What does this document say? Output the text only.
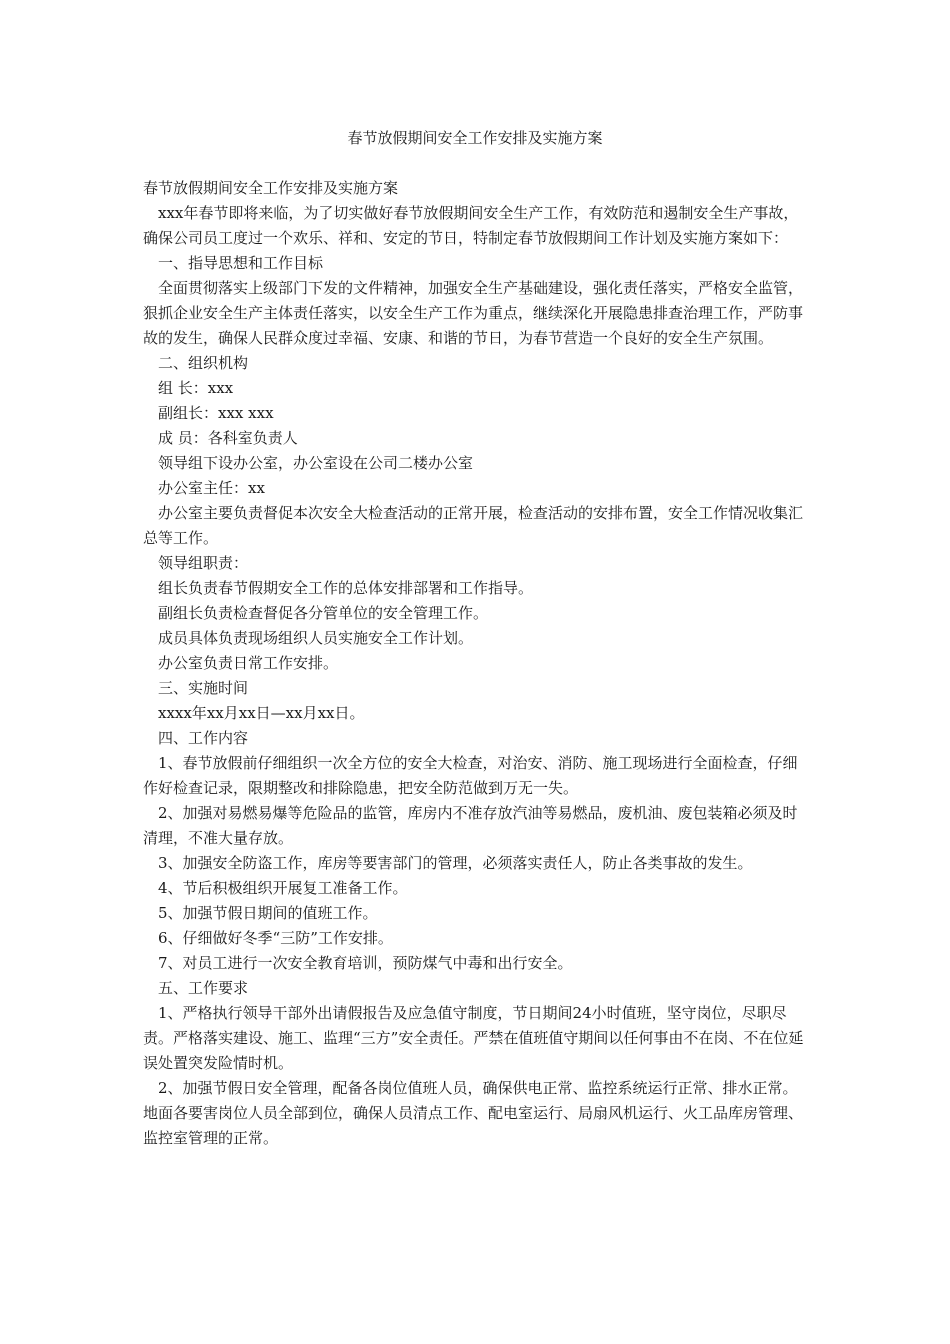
春节放假期间安全工作安排及实施方案

春节放假期间安全工作安排及实施方案

xxx年春节即将来临，为了切实做好春节放假期间安全生产工作，有效防范和遏制安全生产事故，确保公司员工度过一个欢乐、祥和、安定的节日，特制定春节放假期间工作计划及实施方案如下：

一、指导思想和工作目标

全面贯彻落实上级部门下发的文件精神，加强安全生产基础建设，强化责任落实，严格安全监管，狠抓企业安全生产主体责任落实，以安全生产工作为重点，继续深化开展隐患排查治理工作，严防事故的发生，确保人民群众度过幸福、安康、和谐的节日，为春节营造一个良好的安全生产氛围。

二、组织机构

组 长：xxx

副组长：xxx xxx

成 员：各科室负责人

领导组下设办公室，办公室设在公司二楼办公室

办公室主任：xx

办公室主要负责督促本次安全大检查活动的正常开展，检查活动的安排布置，安全工作情况收集汇总等工作。

领导组职责：

组长负责春节假期安全工作的总体安排部署和工作指导。

副组长负责检查督促各分管单位的安全管理工作。

成员具体负责现场组织人员实施安全工作计划。

办公室负责日常工作安排。

三、实施时间

xxxx年xx月xx日—xx月xx日。

四、工作内容

1、春节放假前仔细组织一次全方位的安全大检查，对治安、消防、施工现场进行全面检查，仔细作好检查记录，限期整改和排除隐患，把安全防范做到万无一失。

2、加强对易燃易爆等危险品的监管，库房内不准存放汽油等易燃品，废机油、废包装箱必须及时清理，不准大量存放。

3、加强安全防盗工作，库房等要害部门的管理，必须落实责任人，防止各类事故的发生。

4、节后积极组织开展复工准备工作。

5、加强节假日期间的值班工作。

6、仔细做好冬季“三防”工作安排。

7、对员工进行一次安全教育培训，预防煤气中毒和出行安全。

五、工作要求

1、严格执行领导干部外出请假报告及应急值守制度，节日期间24小时值班，坚守岗位，尽职尽责。严格落实建设、施工、监理“三方”安全责任。严禁在值班值守期间以任何事由不在岗、不在位延误处置突发险情时机。

2、加强节假日安全管理，配备各岗位值班人员，确保供电正常、监控系统运行正常、排水正常。地面各要害岗位人员全部到位，确保人员清点工作、配电室运行、局扇风机运行、火工品库房管理、监控室管理的正常。
